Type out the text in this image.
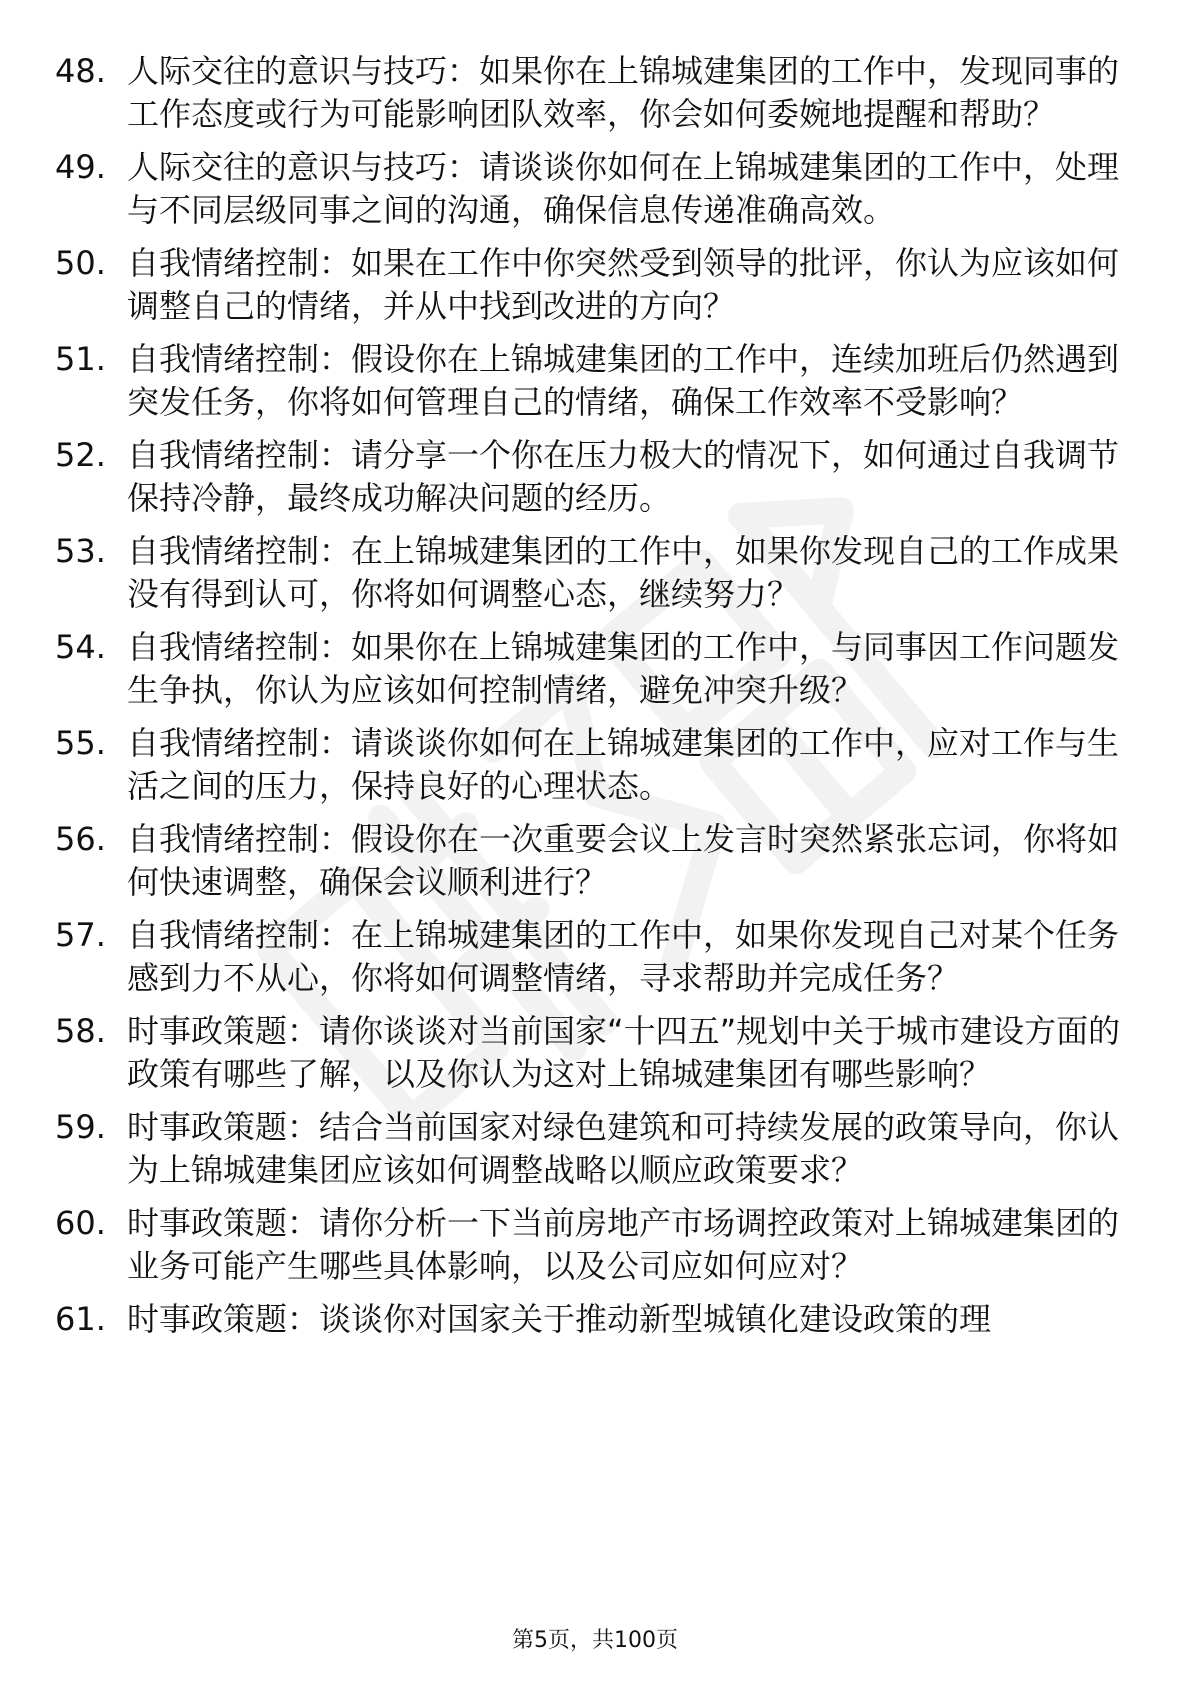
48. 人际交往的意识与技巧：如果你在上锦城建集团的工作中，发现同事的工作态度或行为可能影响团队效率，你会如何委婉地提醒和帮助？
49. 人际交往的意识与技巧：请谈谈你如何在上锦城建集团的工作中，处理与不同层级同事之间的沟通，确保信息传递准确高效。
50. 自我情绪控制：如果在工作中你突然受到领导的批评，你认为应该如何调整自己的情绪，并从中找到改进的方向？
51. 自我情绪控制：假设你在上锦城建集团的工作中，连续加班后仍然遇到突发任务，你将如何管理自己的情绪，确保工作效率不受影响？
52. 自我情绪控制：请分享一个你在压力极大的情况下，如何通过自我调节保持冷静，最终成功解决问题的经历。
53. 自我情绪控制：在上锦城建集团的工作中，如果你发现自己的工作成果没有得到认可，你将如何调整心态，继续努力？
54. 自我情绪控制：如果你在上锦城建集团的工作中，与同事因工作问题发生争执，你认为应该如何控制情绪，避免冲突升级？
55. 自我情绪控制：请谈谈你如何在上锦城建集团的工作中，应对工作与生活之间的压力，保持良好的心理状态。
56. 自我情绪控制：假设你在一次重要会议上发言时突然紧张忘词，你将如何快速调整，确保会议顺利进行？
57. 自我情绪控制：在上锦城建集团的工作中，如果你发现自己对某个任务感到力不从心，你将如何调整情绪，寻求帮助并完成任务？
58. 时事政策题：请你谈谈对当前国家“十四五”规划中关于城市建设方面的政策有哪些了解，以及你认为这对上锦城建集团有哪些影响？
59. 时事政策题：结合当前国家对绿色建筑和可持续发展的政策导向，你认为上锦城建集团应该如何调整战略以顺应政策要求？
60. 时事政策题：请你分析一下当前房地产市场调控政策对上锦城建集团的业务可能产生哪些具体影响，以及公司应如何应对？
61. 时事政策题：谈谈你对国家关于推动新型城镇化建设政策的理
第5页，共100页
